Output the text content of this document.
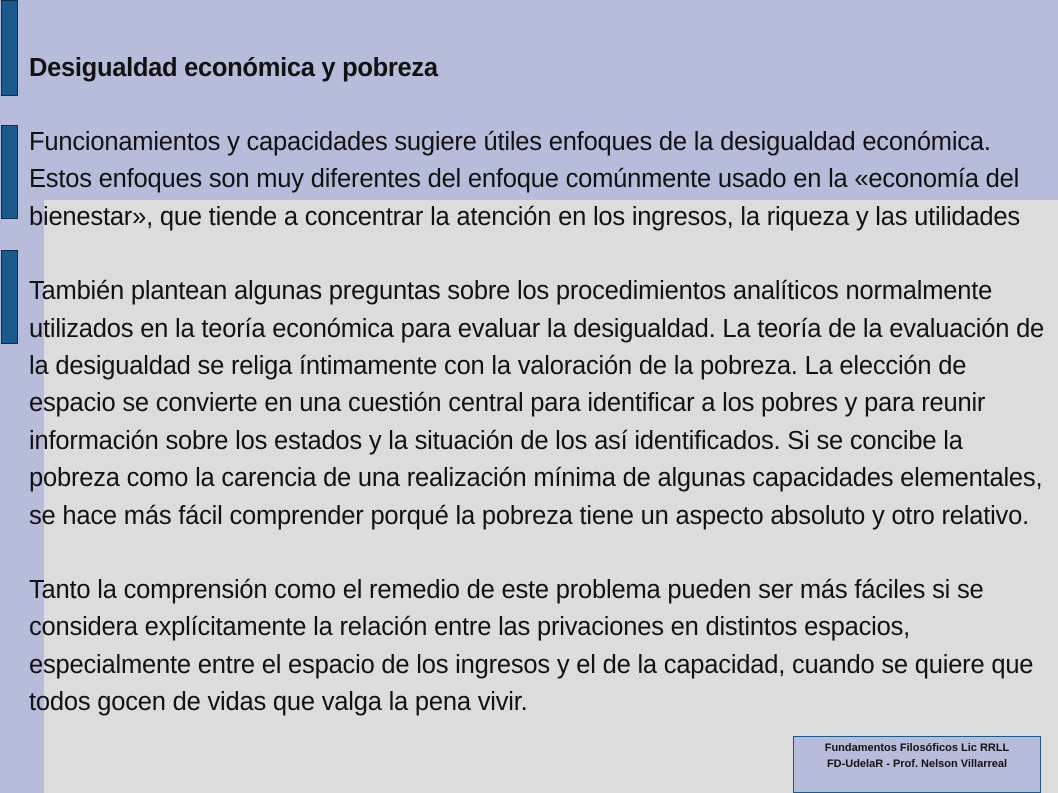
Desigualdad económica y pobreza

Funcionamientos y capacidades sugiere útiles enfoques de la desigualdad económica. Estos enfoques son muy diferentes del enfoque comúnmente usado en la «economía del bienestar», que tiende a concentrar la atención en los ingresos, la riqueza y las utilidades

También plantean algunas preguntas sobre los procedimientos analíticos normalmente utilizados en la teoría económica para evaluar la desigualdad. La teoría de la evaluación de la desigualdad se religa íntimamente con la valoración de la pobreza. La elección de espacio se convierte en una cuestión central para identificar a los pobres y para reunir información sobre los estados y la situación de los así identificados. Si se concibe la pobreza como la carencia de una realización mínima de algunas capacidades elementales, se hace más fácil comprender porqué la pobreza tiene un aspecto absoluto y otro relativo.

Tanto la comprensión como el remedio de este problema pueden ser más fáciles si se considera explícitamente la relación entre las privaciones en distintos espacios, especialmente entre el espacio de los ingresos y el de la capacidad, cuando se quiere que todos gocen de vidas que valga la pena vivir.

Fundamentos Filosóficos Lic RRLL
FD-UdelaR - Prof. Nelson Villarreal
